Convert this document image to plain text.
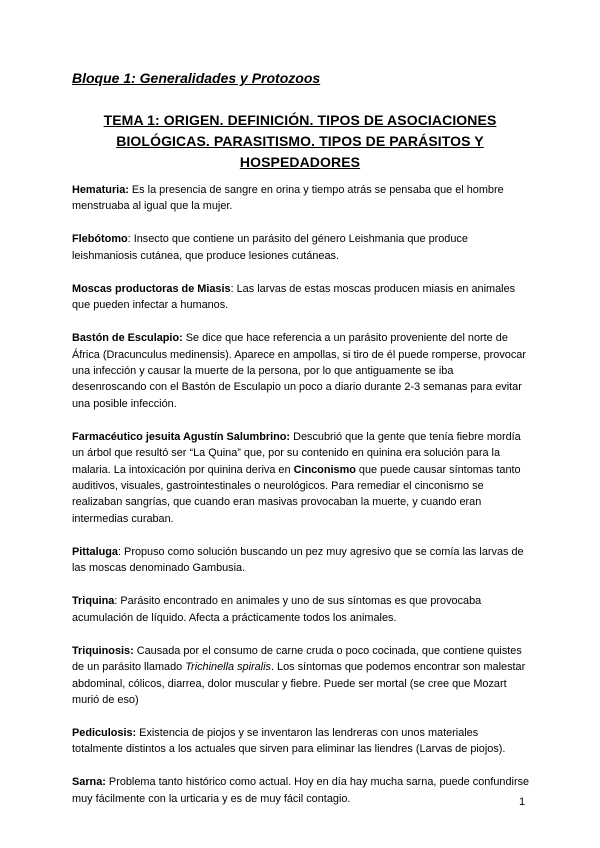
Bloque 1: Generalidades y Protozoos
TEMA 1: ORIGEN. DEFINICIÓN. TIPOS DE ASOCIACIONES BIOLÓGICAS. PARASITISMO. TIPOS DE PARÁSITOS Y HOSPEDADORES

Hematuria: Es la presencia de sangre en orina y tiempo atrás se pensaba que el hombre menstruaba al igual que la mujer.

Flebótomo: Insecto que contiene un parásito del género Leishmania que produce leishmaniosis cutánea, que produce lesiones cutáneas.

Moscas productoras de Miasis: Las larvas de estas moscas producen miasis en animales que pueden infectar a humanos.

Bastón de Esculapio: Se dice que hace referencia a un parásito proveniente del norte de África (Dracunculus medinensis). Aparece en ampollas, si tiro de él puede romperse, provocar una infección y causar la muerte de la persona, por lo que antiguamente se iba desenroscando con el Bastón de Esculapio un poco a diario durante 2-3 semanas para evitar una posible infección.

Farmacéutico jesuita Agustín Salumbrino: Descubrió que la gente que tenía fiebre mordía un árbol que resultó ser “La Quina” que, por su contenido en quinina era solución para la malaria. La intoxicación por quinina deriva en Cinconismo que puede causar síntomas tanto auditivos, visuales, gastrointestinales o neurológicos. Para remediar el cinconismo se realizaban sangrías, que cuando eran masivas provocaban la muerte, y cuando eran intermedias curaban.

Pittaluga: Propuso como solución buscando un pez muy agresivo que se comía las larvas de las moscas denominado Gambusia.

Triquina: Parásito encontrado en animales y uno de sus síntomas es que provocaba acumulación de líquido. Afecta a prácticamente todos los animales.

Triquinosis: Causada por el consumo de carne cruda o poco cocinada, que contiene quistes de un parásito llamado Trichinella spiralis. Los síntomas que podemos encontrar son malestar abdominal, cólicos, diarrea, dolor muscular y fiebre. Puede ser mortal (se cree que Mozart murió de eso)

Pediculosis: Existencia de piojos y se inventaron las lendreras con unos materiales totalmente distintos a los actuales que sirven para eliminar las liendres (Larvas de piojos).

Sarna: Problema tanto histórico como actual. Hoy en día hay mucha sarna, puede confundirse muy fácilmente con la urticaria y es de muy fácil contagio.	1
